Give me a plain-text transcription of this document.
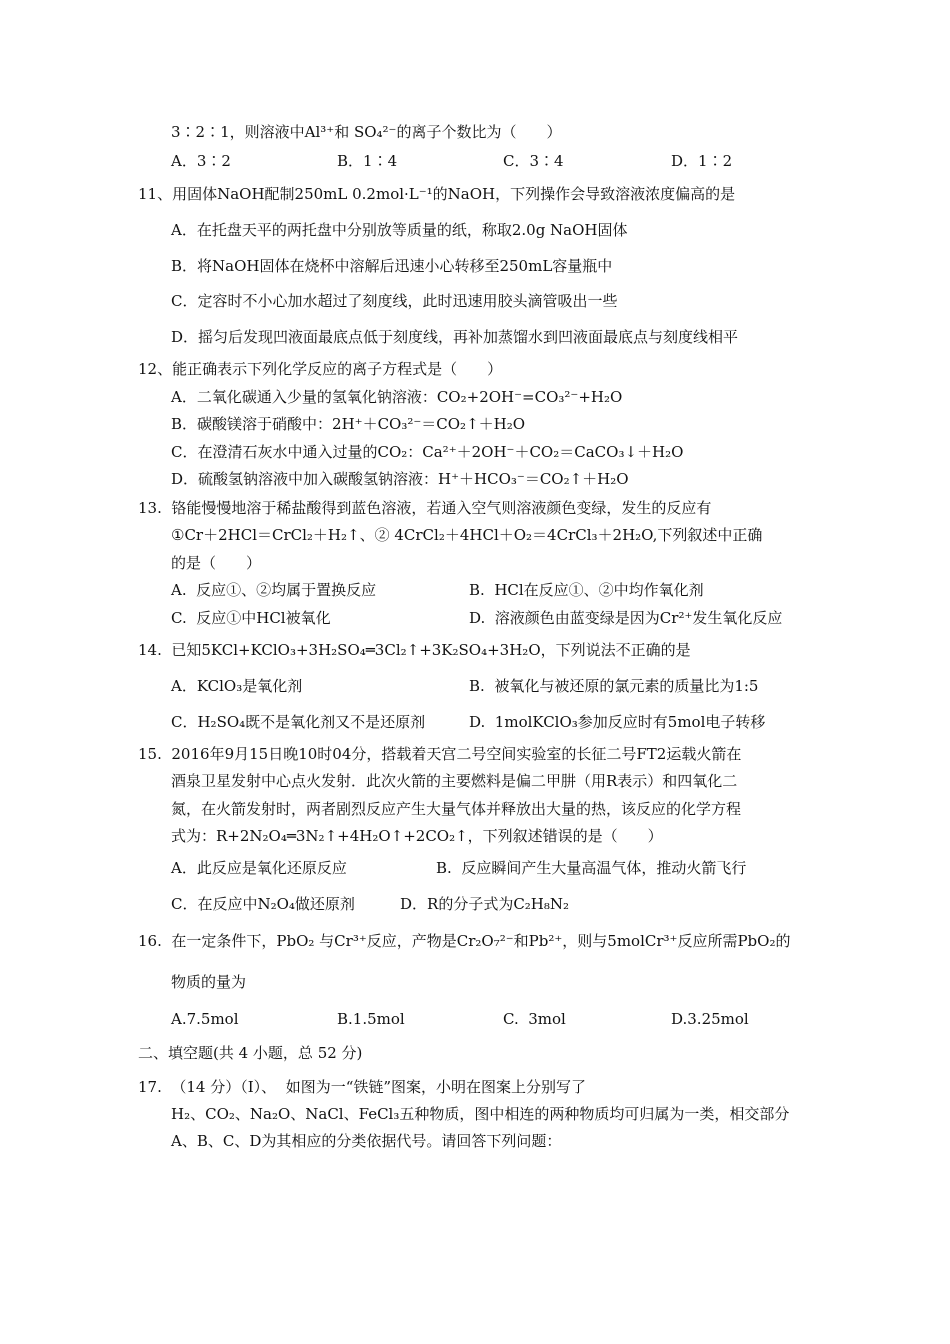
3∶2∶1，则溶液中Al³⁺和 SO₄²⁻的离子个数比为（　　）
A．3∶2	B．1∶4	C．3∶4	D．1∶2
11、用固体NaOH配制250mL 0.2mol·L⁻¹的NaOH，下列操作会导致溶液浓度偏高的是
A．在托盘天平的两托盘中分别放等质量的纸，称取2.0g NaOH固体
B．将NaOH固体在烧杯中溶解后迅速小心转移至250mL容量瓶中
C．定容时不小心加水超过了刻度线，此时迅速用胶头滴管吸出一些
D．摇匀后发现凹液面最底点低于刻度线，再补加蒸馏水到凹液面最底点与刻度线相平
12、能正确表示下列化学反应的离子方程式是（　　）
A．二氧化碳通入少量的氢氧化钠溶液：CO₂+2OH⁻=CO₃²⁻+H₂O
B．碳酸镁溶于硝酸中：2H⁺＋CO₃²⁻＝CO₂↑＋H₂O
C．在澄清石灰水中通入过量的CO₂：Ca²⁺＋2OH⁻＋CO₂＝CaCO₃↓＋H₂O
D．硫酸氢钠溶液中加入碳酸氢钠溶液：H⁺＋HCO₃⁻＝CO₂↑＋H₂O
13.  铬能慢慢地溶于稀盐酸得到蓝色溶液，若通入空气则溶液颜色变绿，发生的反应有
①Cr＋2HCl＝CrCl₂＋H₂↑、② 4CrCl₂＋4HCl＋O₂＝4CrCl₃＋2H₂O,下列叙述中正确
的是（　　）
A.  反应①、②均属于置换反应	B.  HCl在反应①、②中均作氧化剂
C.  反应①中HCl被氧化	D.  溶液颜色由蓝变绿是因为Cr²⁺发生氧化反应
14.  已知5KCl+KClO₃+3H₂SO₄═3Cl₂↑+3K₂SO₄+3H₂O，下列说法不正确的是
A．KClO₃是氧化剂	B.  被氧化与被还原的氯元素的质量比为1:5
C．H₂SO₄既不是氧化剂又不是还原剂	D.  1molKClO₃参加反应时有5mol电子转移
15.  2016年9月15日晚10时04分，搭载着天宫二号空间实验室的长征二号FT2运载火箭在
酒泉卫星发射中心点火发射．此次火箭的主要燃料是偏二甲肼（用R表示）和四氧化二
氮，在火箭发射时，两者剧烈反应产生大量气体并释放出大量的热，该反应的化学方程
式为：R+2N₂O₄═3N₂↑+4H₂O↑+2CO₂↑，下列叙述错误的是（　　）
A．此反应是氧化还原反应	B.  反应瞬间产生大量高温气体，推动火箭飞行
C．在反应中N₂O₄做还原剂	D．R的分子式为C₂H₈N₂
16.  在一定条件下，PbO₂ 与Cr³⁺反应，产物是Cr₂O₇²⁻和Pb²⁺，则与5molCr³⁺反应所需PbO₂的
物质的量为
A.7.5mol	B.1.5mol	C.  3mol	D.3.25mol
二、填空题(共 4 小题，总 52 分)
17.  （14 分）（Ⅰ）、  如图为一“铁链”图案，小明在图案上分别写了
H₂、CO₂、Na₂O、NaCl、FeCl₃五种物质，图中相连的两种物质均可归属为一类，相交部分
A、B、C、D为其相应的分类依据代号。请回答下列问题：
